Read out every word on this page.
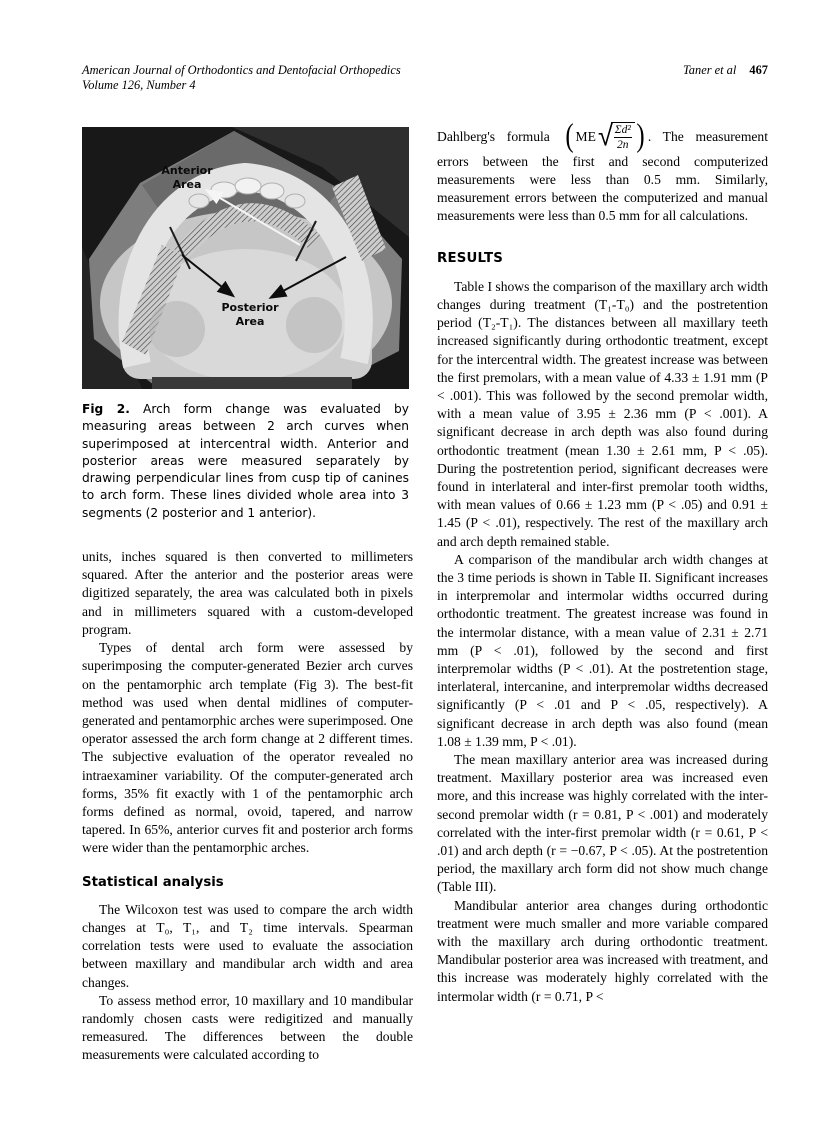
American Journal of Orthodontics and Dentofacial Orthopedics
Volume 126, Number 4
Taner et al 467
Anterior
Area
Posterior
Area

Fig 2. Arch form change was evaluated by measuring areas between 2 arch curves when superimposed at intercentral width. Anterior and posterior areas were measured separately by drawing perpendicular lines from cusp tip of canines to arch form. These lines divided whole area into 3 segments (2 posterior and 1 anterior).

units, inches squared is then converted to millimeters squared. After the anterior and the posterior areas were digitized separately, the area was calculated both in pixels and in millimeters squared with a custom-developed program.

Types of dental arch form were assessed by superimposing the computer-generated Bezier arch curves on the pentamorphic arch template (Fig 3). The best-fit method was used when dental midlines of computer-generated and pentamorphic arches were superimposed. One operator assessed the arch form change at 2 different times. The subjective evaluation of the operator revealed no intraexaminer variability. Of the computer-generated arch forms, 35% fit exactly with 1 of the pentamorphic arch forms defined as normal, ovoid, tapered, and narrow tapered. In 65%, anterior curves fit and posterior arch forms were wider than the pentamorphic arches.

Statistical analysis

The Wilcoxon test was used to compare the arch width changes at T₀, T₁, and T₂ time intervals. Spearman correlation tests were used to evaluate the association between maxillary and mandibular arch width and area changes.

To assess method error, 10 maxillary and 10 mandibular randomly chosen casts were redigitized and manually remeasured. The differences between the double measurements were calculated according to

Dahlberg's formula ( ME √
$\frac{\text{Σd²}}{2n}$ ) . The measurement errors between the first and second computerized measurements were less than 0.5 mm. Similarly, measurement errors between the computerized and manual measurements were less than 0.5 mm for all calculations.

RESULTS

Table I shows the comparison of the maxillary arch width changes during treatment (T₁-T₀) and the postretention period (T₂-T₁). The distances between all maxillary teeth increased significantly during orthodontic treatment, except for the intercentral width. The greatest increase was between the first premolars, with a mean value of 4.33 ± 1.91 mm (P < .001). This was followed by the second premolar width, with a mean value of 3.95 ± 2.36 mm (P < .001). A significant decrease in arch depth was also found during orthodontic treatment (mean 1.30 ± 2.61 mm, P < .05). During the postretention period, significant decreases were found in interlateral and inter-first premolar tooth widths, with mean values of 0.66 ± 1.23 mm (P < .05) and 0.91 ± 1.45 (P < .01), respectively. The rest of the maxillary arch and arch depth remained stable.

A comparison of the mandibular arch width changes at the 3 time periods is shown in Table II. Significant increases in interpremolar and intermolar widths occurred during orthodontic treatment. The greatest increase was found in the intermolar distance, with a mean value of 2.31 ± 2.71 mm (P < .01), followed by the second and first interpremolar widths (P < .01). At the postretention stage, interlateral, intercanine, and interpremolar widths decreased significantly (P < .01 and P < .05, respectively). A significant decrease in arch depth was also found (mean 1.08 ± 1.39 mm, P < .01).

The mean maxillary anterior area was increased during treatment. Maxillary posterior area was increased even more, and this increase was highly correlated with the inter-second premolar width (r = 0.81, P < .001) and moderately correlated with the inter-first premolar width (r = 0.61, P < .01) and arch depth (r = −0.67, P < .05). At the postretention period, the maxillary arch form did not show much change (Table III).

Mandibular anterior area changes during orthodontic treatment were much smaller and more variable compared with the maxillary arch during orthodontic treatment. Mandibular posterior area was increased with treatment, and this increase was moderately highly correlated with the intermolar width (r = 0.71, P <
